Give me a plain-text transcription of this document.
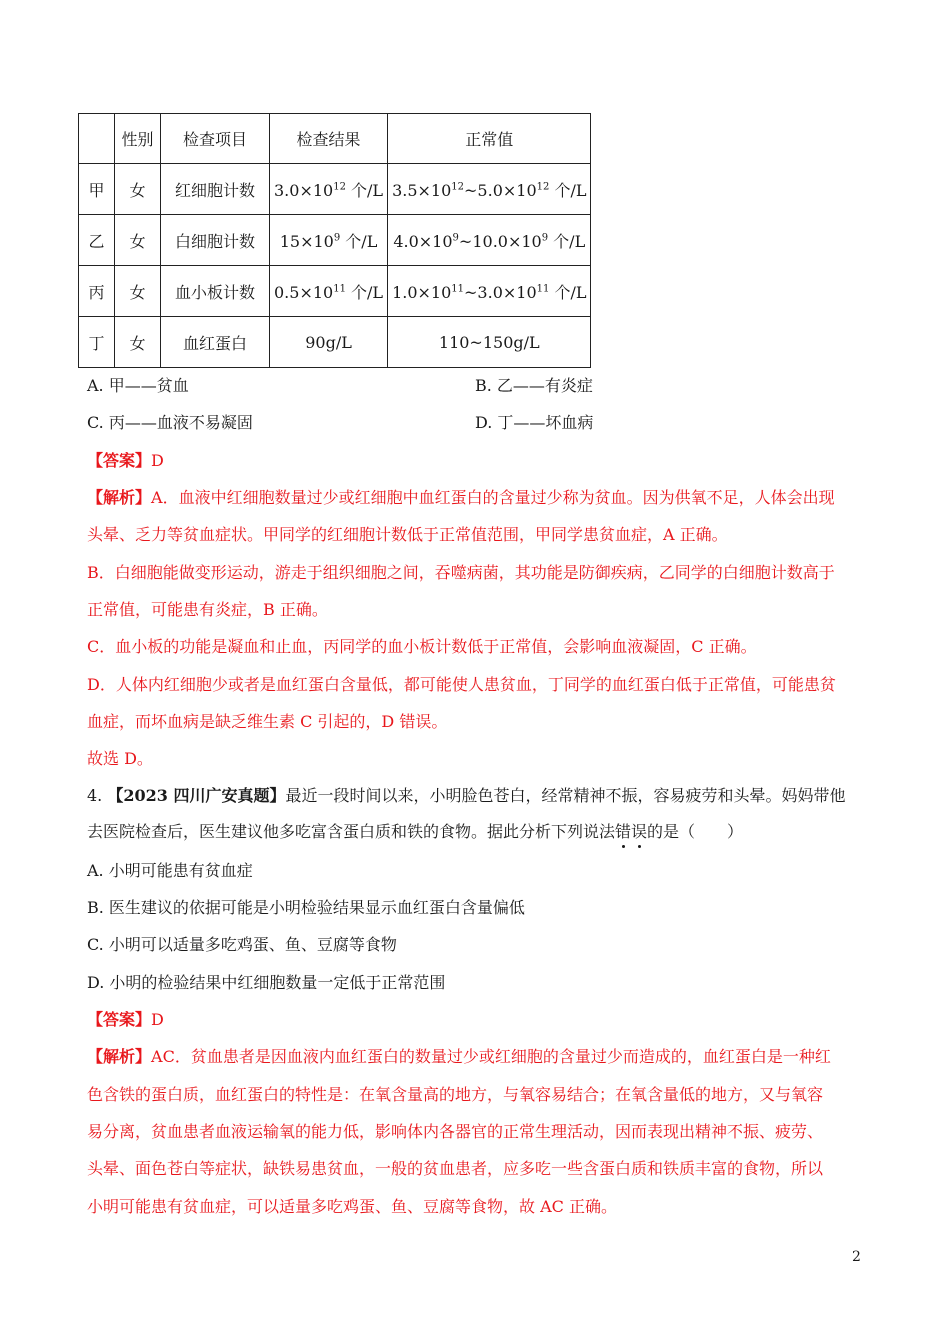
	性别	检查项目	检查结果	正常值
甲	女	红细胞计数	$3.0\times 10^{12}$ 个/L	$3.5\times 10^{12}\sim 5.0\times 10^{12}$ 个/L
乙	女	白细胞计数	$15\times 10^9$ 个/L	$4.0\times 10^9\sim 10.0\times 10^9$ 个/L
丙	女	血小板计数	$0.5\times 10^{11}$ 个/L	$1.0\times 10^{11}\sim 3.0\times 10^{11}$ 个/L
丁	女	血红蛋白	90g/L	110~150g/L
A. 甲——贫血	B. 乙——有炎症
C. 丙——血液不易凝固	D. 丁——坏血病
【答案】D
【解析】A．血液中红细胞数量过少或红细胞中血红蛋白的含量过少称为贫血。因为供氧不足，人体会出现
头晕、乏力等贫血症状。甲同学的红细胞计数低于正常值范围，甲同学患贫血症，A 正确。
B．白细胞能做变形运动，游走于组织细胞之间，吞噬病菌，其功能是防御疾病，乙同学的白细胞计数高于
正常值，可能患有炎症，B 正确。
C．血小板的功能是凝血和止血，丙同学的血小板计数低于正常值，会影响血液凝固，C 正确。
D．人体内红细胞少或者是血红蛋白含量低，都可能使人患贫血，丁同学的血红蛋白低于正常值，可能患贫
血症，而坏血病是缺乏维生素 C 引起的，D 错误。
故选 D。
4. 【2023 四川广安真题】最近一段时间以来，小明脸色苍白，经常精神不振，容易疲劳和头晕。妈妈带他
去医院检查后，医生建议他多吃富含蛋白质和铁的食物。据此分析下列说法错误的是（　　）
A. 小明可能患有贫血症
B. 医生建议的依据可能是小明检验结果显示血红蛋白含量偏低
C. 小明可以适量多吃鸡蛋、鱼、豆腐等食物
D. 小明的检验结果中红细胞数量一定低于正常范围
【答案】D
【解析】AC．贫血患者是因血液内血红蛋白的数量过少或红细胞的含量过少而造成的，血红蛋白是一种红
色含铁的蛋白质，血红蛋白的特性是：在氧含量高的地方，与氧容易结合；在氧含量低的地方，又与氧容
易分离，贫血患者血液运输氧的能力低，影响体内各器官的正常生理活动，因而表现出精神不振、疲劳、
头晕、面色苍白等症状，缺铁易患贫血，一般的贫血患者，应多吃一些含蛋白质和铁质丰富的食物，所以
小明可能患有贫血症，可以适量多吃鸡蛋、鱼、豆腐等食物，故 AC 正确。
2
